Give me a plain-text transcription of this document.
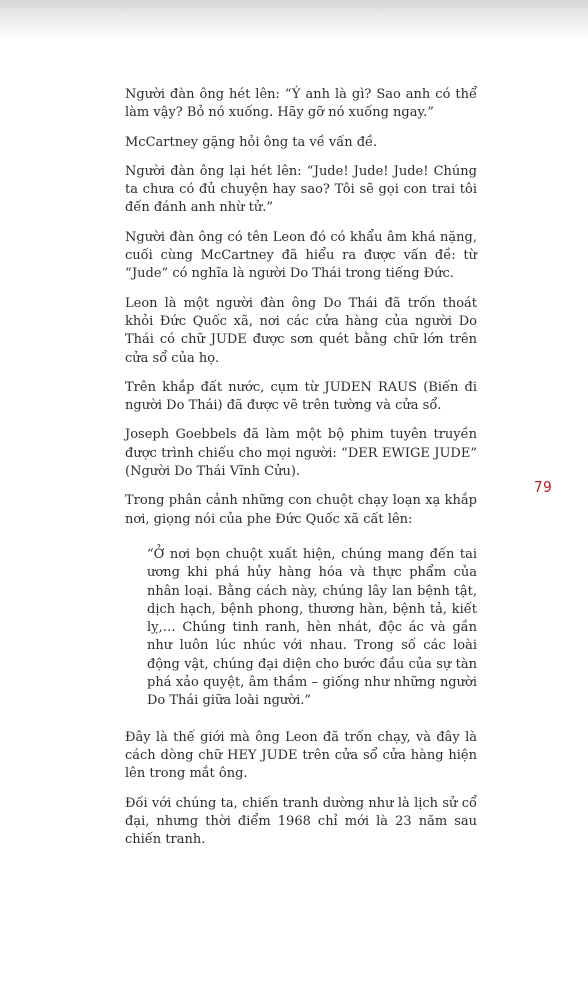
Người đàn ông hét lên: “Ý anh là gì? Sao anh có thể làm vậy? Bỏ nó xuống. Hãy gỡ nó xuống ngay.”

McCartney gặng hỏi ông ta về vấn đề.

Người đàn ông lại hét lên: “Jude! Jude! Jude! Chúng ta chưa có đủ chuyện hay sao? Tôi sẽ gọi con trai tôi đến đánh anh nhừ tử.”

Người đàn ông có tên Leon đó có khẩu âm khá nặng, cuối cùng McCartney đã hiểu ra được vấn đề: từ “Jude” có nghĩa là người Do Thái trong tiếng Đức.

Leon là một người đàn ông Do Thái đã trốn thoát khỏi Đức Quốc xã, nơi các cửa hàng của người Do Thái có chữ JUDE được sơn quét bằng chữ lớn trên cửa sổ của họ.

Trên khắp đất nước, cụm từ JUDEN RAUS (Biến đi người Do Thái) đã được vẽ trên tường và cửa sổ.

Joseph Goebbels đã làm một bộ phim tuyên truyền được trình chiếu cho mọi người: “DER EWIGE JUDE” (Người Do Thái Vĩnh Cửu).

Trong phân cảnh những con chuột chạy loạn xạ khắp nơi, giọng nói của phe Đức Quốc xã cất lên:

“Ở nơi bọn chuột xuất hiện, chúng mang đến tai ương khi phá hủy hàng hóa và thực phẩm của nhân loại. Bằng cách này, chúng lây lan bệnh tật, dịch hạch, bệnh phong, thương hàn, bệnh tả, kiết lỵ,… Chúng tinh ranh, hèn nhát, độc ác và gần như luôn lúc nhúc với nhau. Trong số các loài động vật, chúng đại diện cho bước đầu của sự tàn phá xảo quyệt, âm thầm – giống như những người Do Thái giữa loài người.”

Đây là thế giới mà ông Leon đã trốn chạy, và đây là cách dòng chữ HEY JUDE trên cửa sổ cửa hàng hiện lên trong mắt ông.

Đối với chúng ta, chiến tranh dường như là lịch sử cổ đại, nhưng thời điểm 1968 chỉ mới là 23 năm sau chiến tranh.

79
